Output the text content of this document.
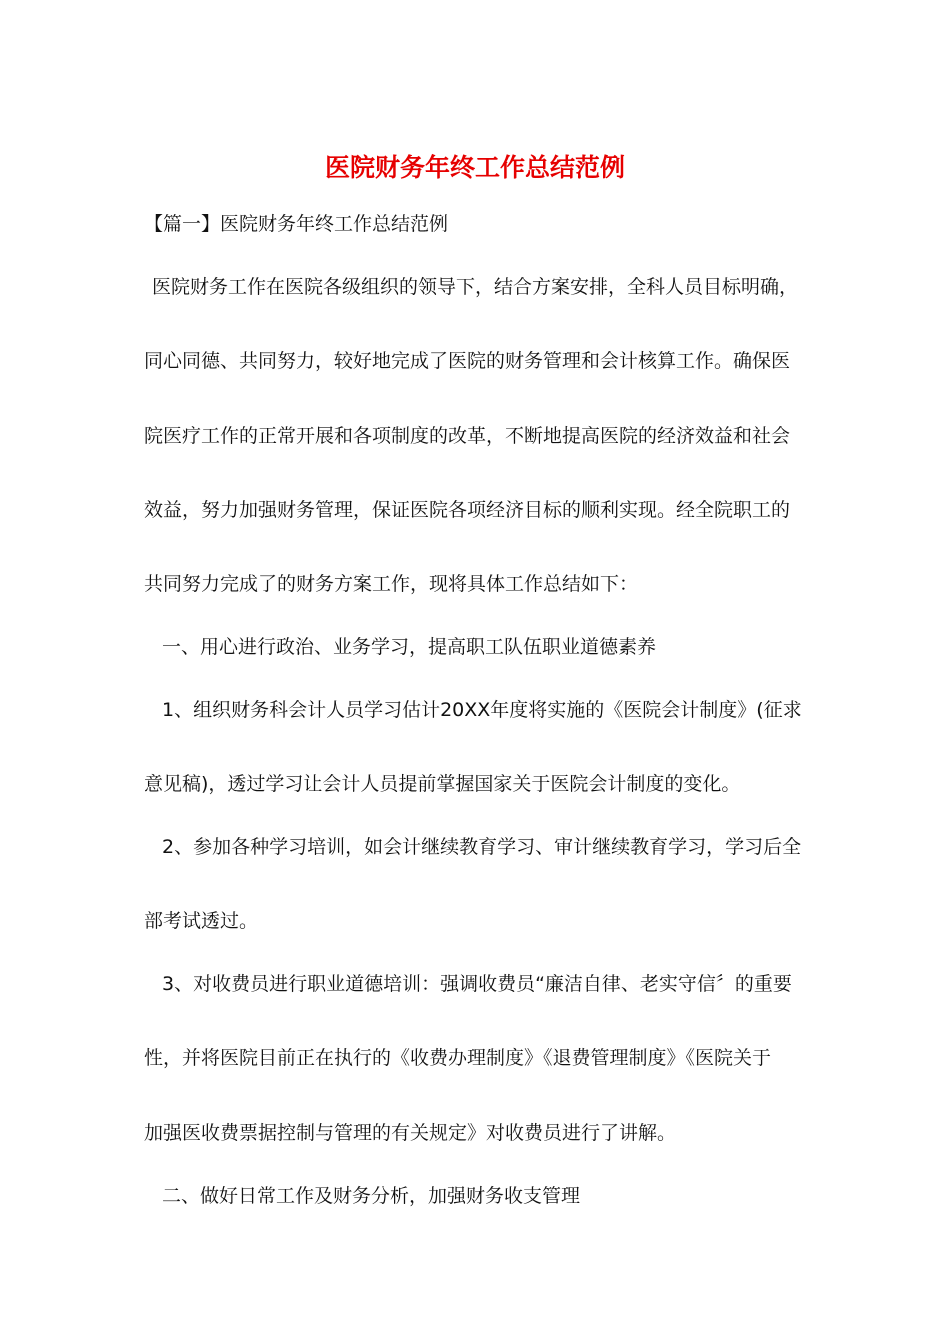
医院财务年终工作总结范例

【篇一】医院财务年终工作总结范例

医院财务工作在医院各级组织的领导下，结合方案安排，全科人员目标明确，

同心同德、共同努力，较好地完成了医院的财务管理和会计核算工作。确保医

院医疗工作的正常开展和各项制度的改革，不断地提高医院的经济效益和社会

效益，努力加强财务管理，保证医院各项经济目标的顺利实现。经全院职工的

共同努力完成了的财务方案工作，现将具体工作总结如下：

一、用心进行政治、业务学习，提高职工队伍职业道德素养

1、组织财务科会计人员学习估计20XX年度将实施的《医院会计制度》(征求

意见稿)，透过学习让会计人员提前掌握国家关于医院会计制度的变化。

2、参加各种学习培训，如会计继续教育学习、审计继续教育学习，学习后全

部考试透过。

3、对收费员进行职业道德培训：强调收费员“廉洁自律、老实守信〞的重要

性，并将医院目前正在执行的《收费办理制度》《退费管理制度》《医院关于

加强医收费票据控制与管理的有关规定》对收费员进行了讲解。

二、做好日常工作及财务分析，加强财务收支管理
